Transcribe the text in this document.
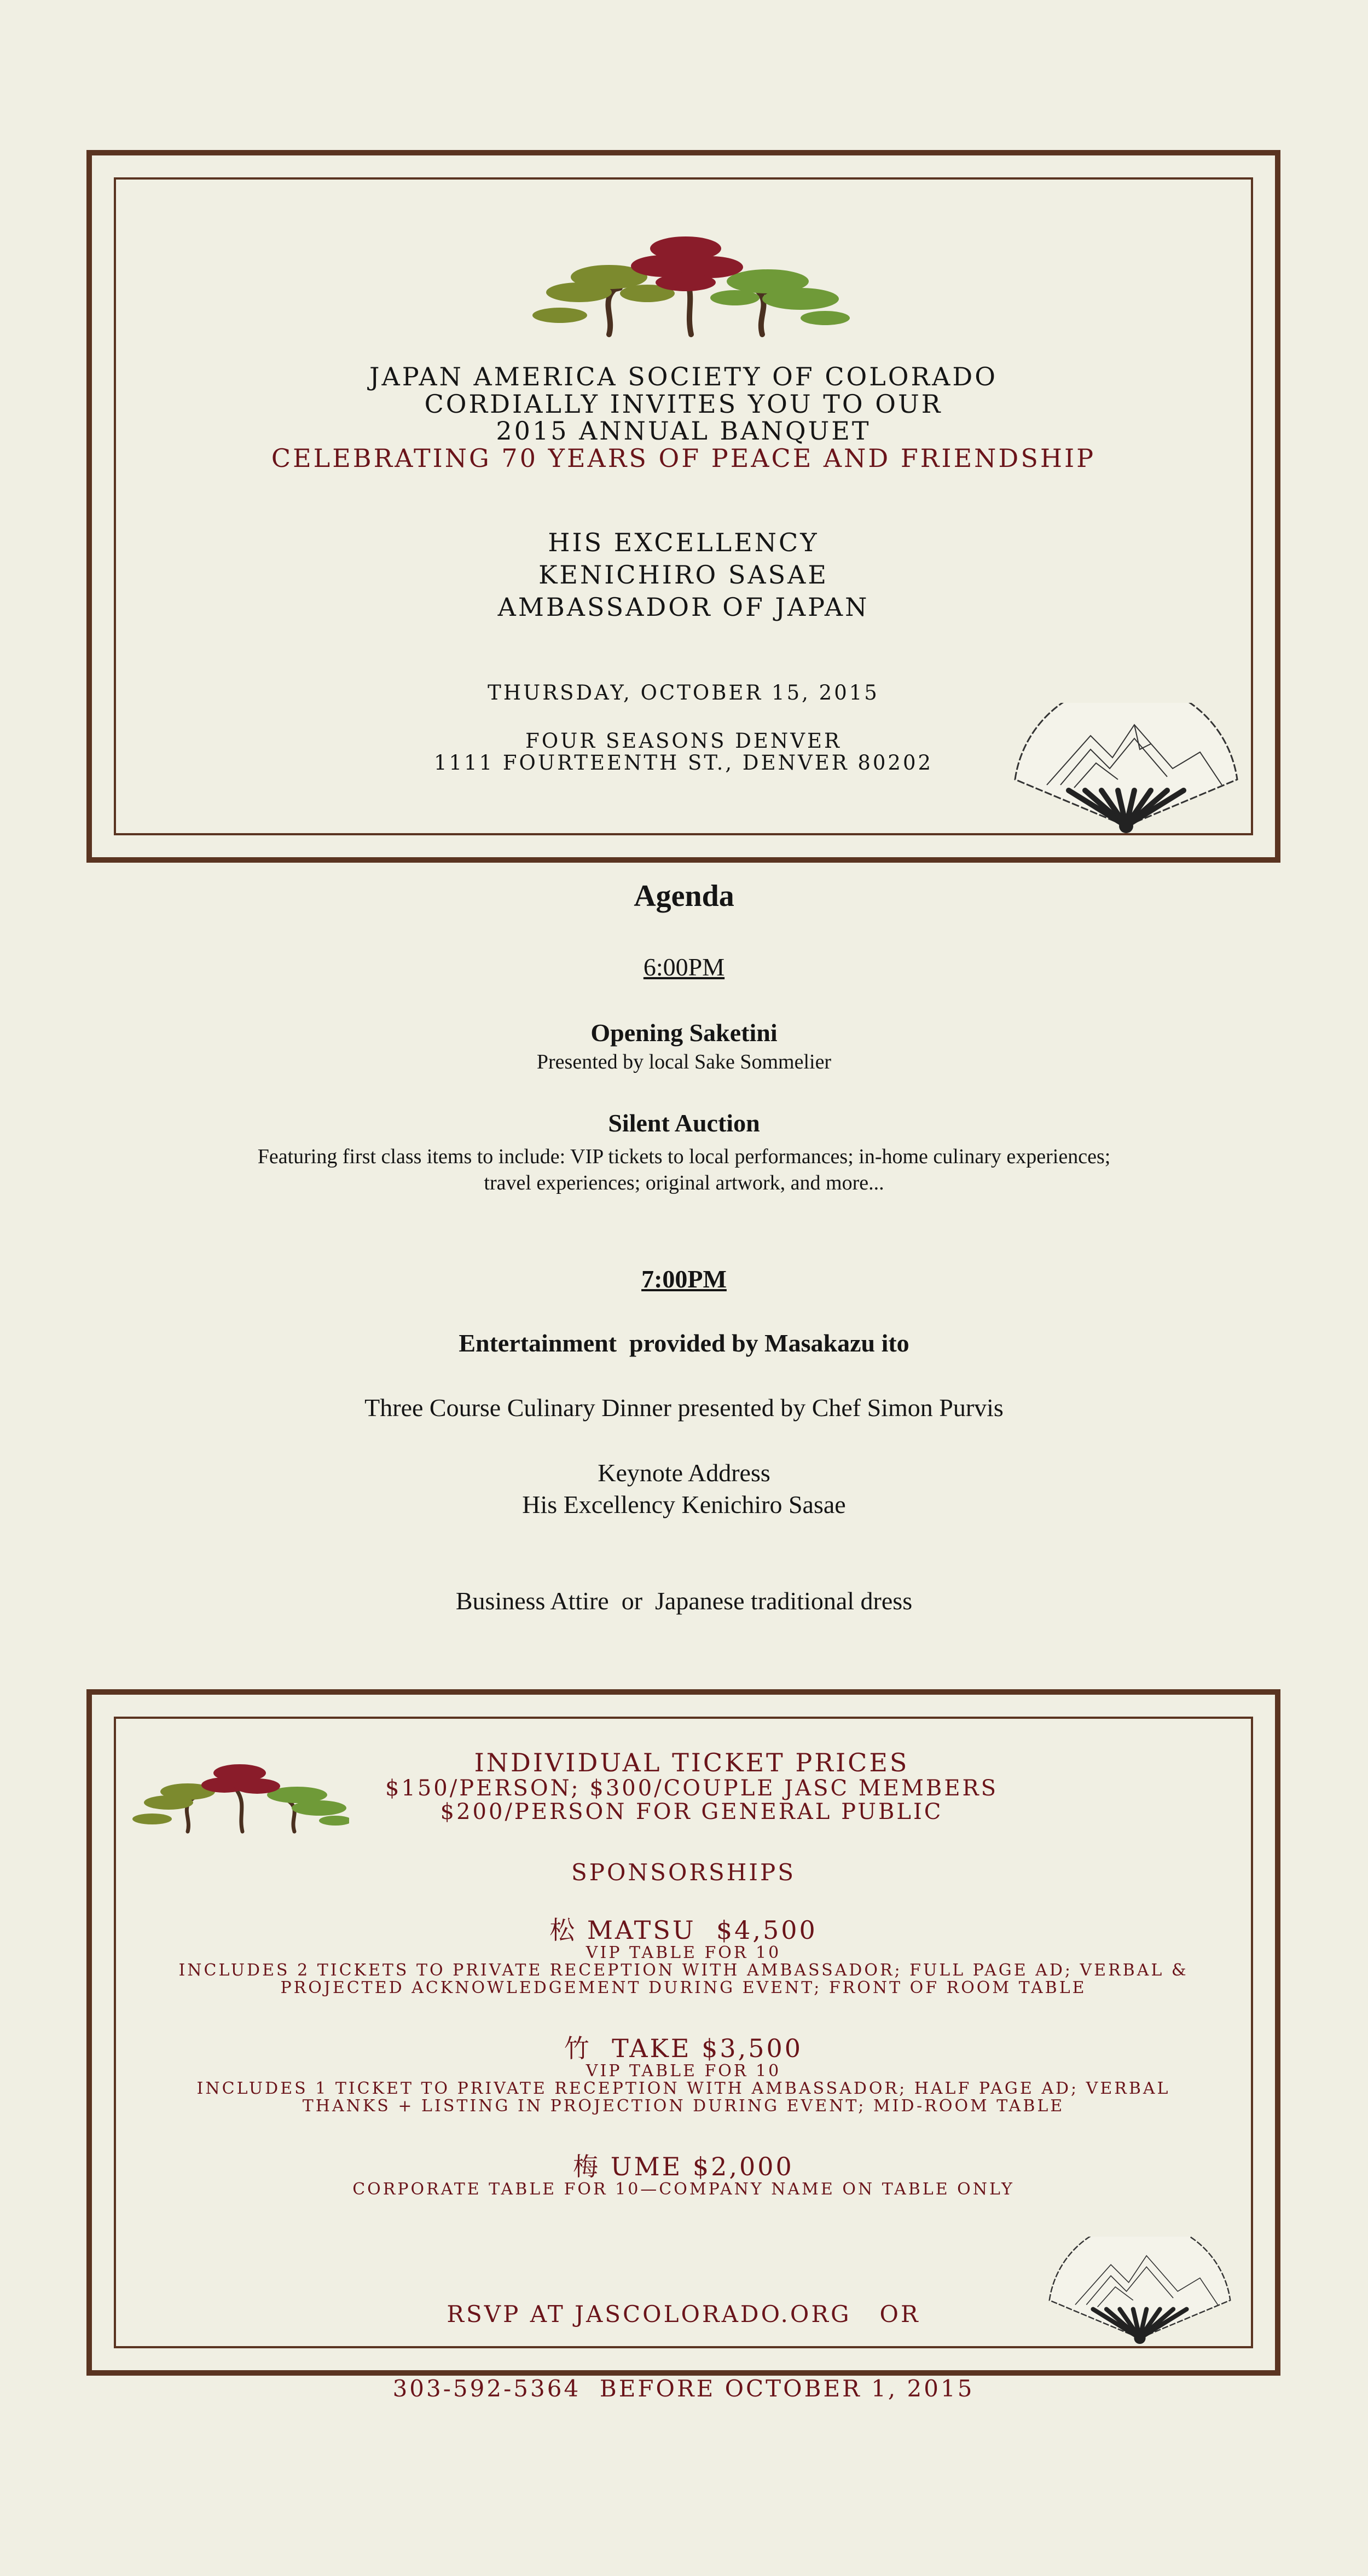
JAPAN AMERICA SOCIETY OF COLORADO
CORDIALLY INVITES YOU TO OUR
2015 ANNUAL BANQUET
CELEBRATING 70 YEARS OF PEACE AND FRIENDSHIP
HIS EXCELLENCY
KENICHIRO SASAE
AMBASSADOR OF JAPAN
THURSDAY, OCTOBER 15, 2015
FOUR SEASONS DENVER
1111 FOURTEENTH ST., DENVER 80202
Agenda
6:00PM
Opening Saketini
Presented by local Sake Sommelier
Silent Auction
Featuring first class items to include: VIP tickets to local performances; in-home culinary experiences;
travel experiences; original artwork, and more...
7:00PM
Entertainment  provided by Masakazu ito
Three Course Culinary Dinner presented by Chef Simon Purvis
Keynote Address
His Excellency Kenichiro Sasae
Business Attire  or  Japanese traditional dress
INDIVIDUAL TICKET PRICES
$150/PERSON; $300/COUPLE JASC MEMBERS
$200/PERSON FOR GENERAL PUBLIC
SPONSORSHIPS
松 MATSU  $4,500
VIP TABLE FOR 10
INCLUDES 2 TICKETS TO PRIVATE RECEPTION WITH AMBASSADOR; FULL PAGE AD; VERBAL &
PROJECTED ACKNOWLEDGEMENT DURING EVENT; FRONT OF ROOM TABLE
竹 TAKE $3,500
VIP TABLE FOR 10
INCLUDES 1 TICKET TO PRIVATE RECEPTION WITH AMBASSADOR; HALF PAGE AD; VERBAL
THANKS + LISTING IN PROJECTION DURING EVENT; MID-ROOM TABLE
梅 UME $2,000
CORPORATE TABLE FOR 10—COMPANY NAME ON TABLE ONLY

RSVP AT JASCOLORADO.ORG   OR

303-592-5364  BEFORE OCTOBER 1, 2015
